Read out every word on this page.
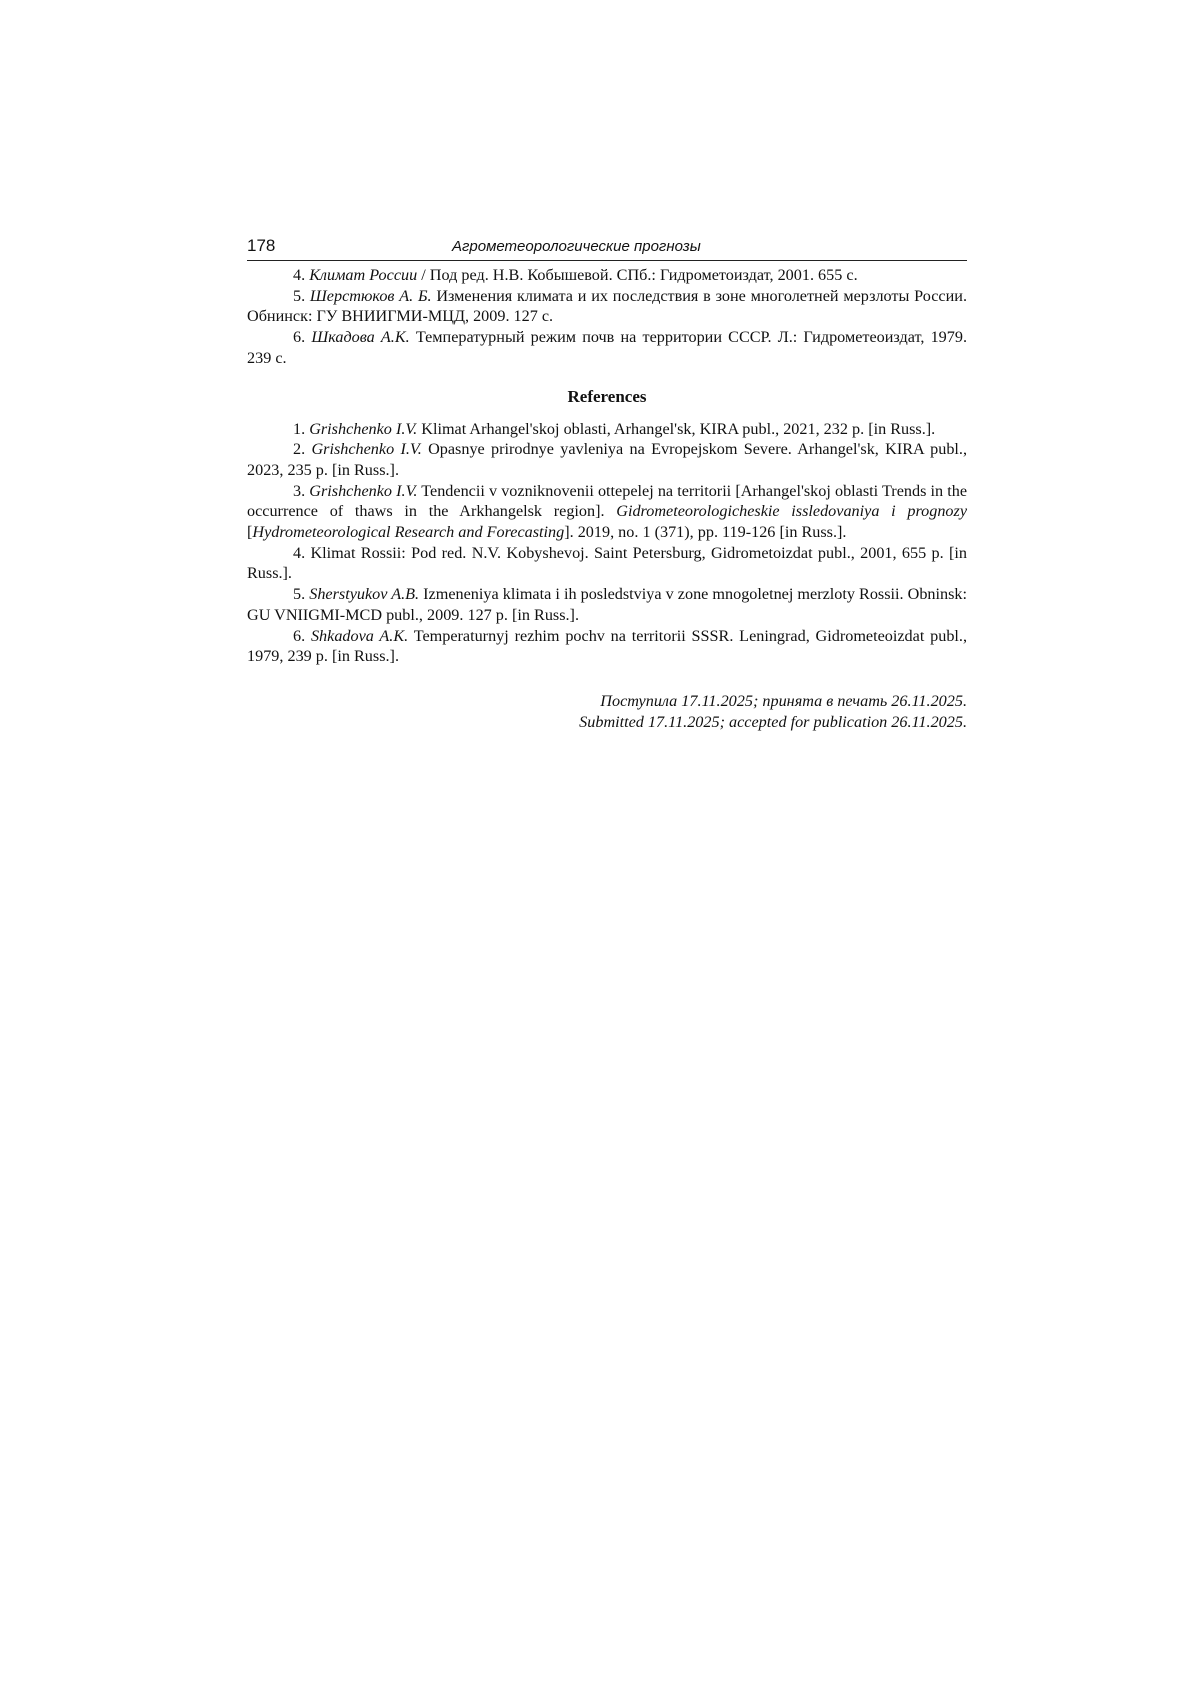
178	Агрометеорологические прогнозы

4. Климат России / Под ред. Н.В. Кобышевой. СПб.: Гидрометоиздат, 2001. 655 с.

5. Шерстюков А. Б. Изменения климата и их последствия в зоне многолетней мерзлоты России. Обнинск: ГУ ВНИИГМИ-МЦД, 2009. 127 с.

6. Шкадова А.К. Температурный режим почв на территории СССР. Л.: Гидрометеоиздат, 1979. 239 с.

References

1. Grishchenko I.V. Klimat Arhangel'skoj oblasti, Arhangel'sk, KIRA publ., 2021, 232 p. [in Russ.].

2. Grishchenko I.V. Opasnye prirodnye yavleniya na Evropejskom Severe. Arhangel'sk, KIRA publ., 2023, 235 p. [in Russ.].

3. Grishchenko I.V. Tendencii v vozniknovenii ottepelej na territorii [Arhangel'skoj oblasti Trends in the occurrence of thaws in the Arkhangelsk region]. Gidrometeorologicheskie issledovaniya i prognozy [Hydrometeorological Research and Forecasting]. 2019, no. 1 (371), pp. 119-126 [in Russ.].

4. Klimat Rossii: Pod red. N.V. Kobyshevoj. Saint Petersburg, Gidrometoizdat publ., 2001, 655 p. [in Russ.].

5. Sherstyukov A.B. Izmeneniya klimata i ih posledstviya v zone mnogoletnej merzloty Rossii. Obninsk: GU VNIIGMI-MCD publ., 2009. 127 p. [in Russ.].

6. Shkadova A.K. Temperaturnyj rezhim pochv na territorii SSSR. Leningrad, Gidrometeoizdat publ., 1979, 239 p. [in Russ.].

Поступила 17.11.2025; принята в печать 26.11.2025.
Submitted 17.11.2025; accepted for publication 26.11.2025.
